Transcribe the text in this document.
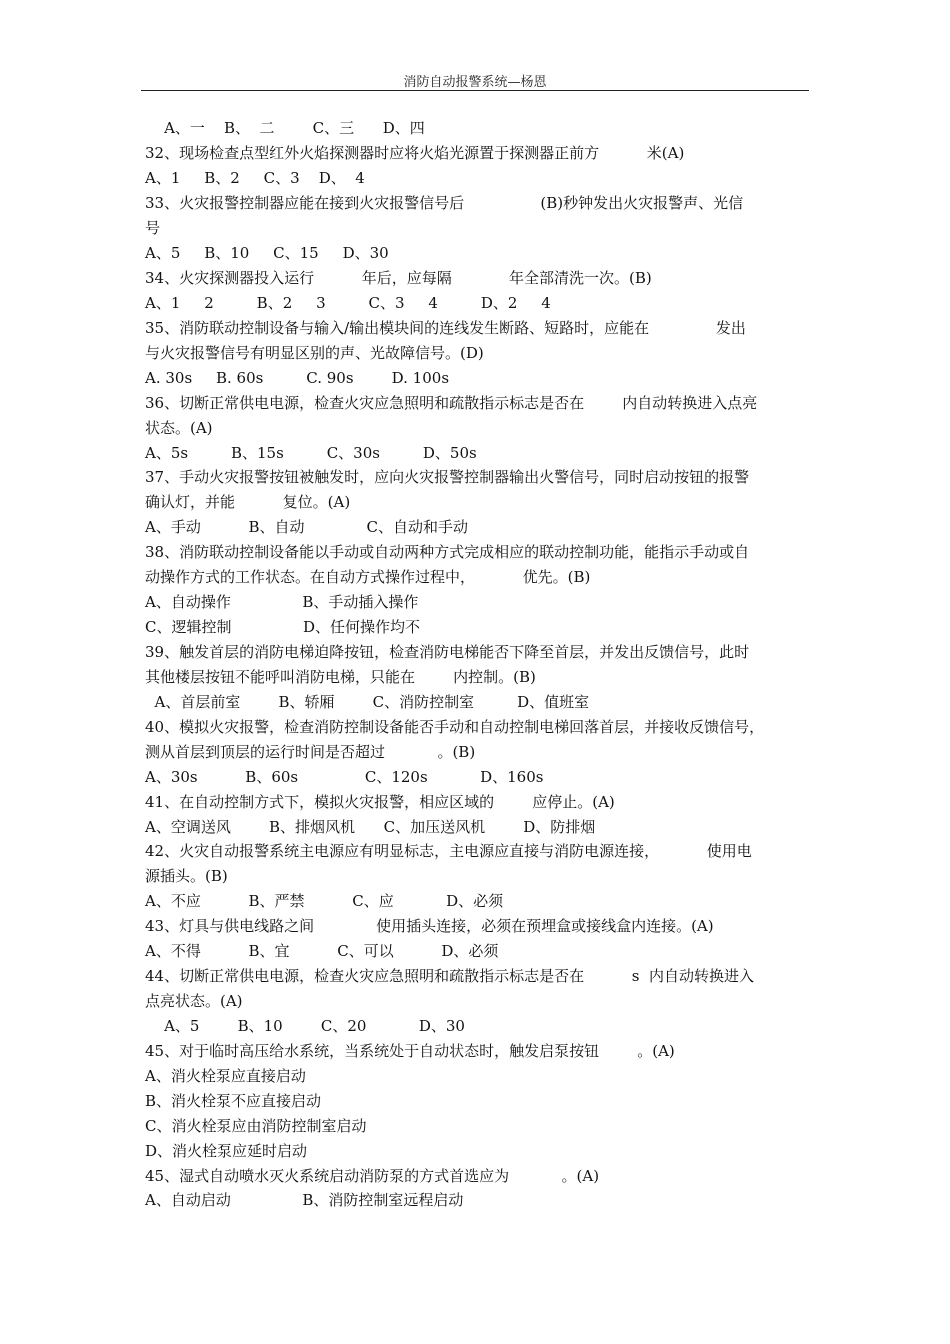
消防自动报警系统—杨恩
A、一    B、  二        C、三      D、四
32、现场检查点型红外火焰探测器时应将火焰光源置于探测器正前方          米(A)
A、1     B、2     C、3    D、  4
33、火灾报警控制器应能在接到火灾报警信号后                (B)秒钟发出火灾报警声、光信
号
A、5     B、10     C、15     D、30
34、火灾探测器投入运行          年后，应每隔            年全部清洗一次。(B)
A、1     2         B、2     3         C、3     4         D、2     4
35、消防联动控制设备与输入/输出模块间的连线发生断路、短路时，应能在              发出
与火灾报警信号有明显区别的声、光故障信号。(D)
A. 30s     B. 60s         C. 90s        D. 100s
36、切断正常供电电源，检查火灾应急照明和疏散指示标志是否在        内自动转换进入点亮
状态。(A)
A、5s         B、15s         C、30s         D、50s
37、手动火灾报警按钮被触发时，应向火灾报警控制器输出火警信号，同时启动按钮的报警
确认灯，并能          复位。(A)
A、手动          B、自动             C、自动和手动
38、消防联动控制设备能以手动或自动两种方式完成相应的联动控制功能，能指示手动或自
动操作方式的工作状态。在自动方式操作过程中，          优先。(B)
A、自动操作               B、手动插入操作
C、逻辑控制               D、任何操作均不
39、触发首层的消防电梯迫降按钮，检查消防电梯能否下降至首层，并发出反馈信号，此时
其他楼层按钮不能呼叫消防电梯，只能在        内控制。(B)
A、首层前室        B、轿厢        C、消防控制室         D、值班室
40、模拟火灾报警，检查消防控制设备能否手动和自动控制电梯回落首层，并接收反馈信号，
测从首层到顶层的运行时间是否超过           。(B)
A、30s          B、60s              C、120s           D、160s
41、在自动控制方式下，模拟火灾报警，相应区域的        应停止。(A)
A、空调送风        B、排烟风机      C、加压送风机        D、防排烟
42、火灾自动报警系统主电源应有明显标志，主电源应直接与消防电源连接，          使用电
源插头。(B)
A、不应          B、严禁          C、应           D、必须
43、灯具与供电线路之间             使用插头连接，必须在预埋盒或接线盒内连接。(A)
A、不得          B、宜          C、可以          D、必须
44、切断正常供电电源，检查火灾应急照明和疏散指示标志是否在          s  内自动转换进入
点亮状态。(A)
A、5        B、10        C、20           D、30
45、对于临时高压给水系统，当系统处于自动状态时，触发启泵按钮        。(A)
A、消火栓泵应直接启动
B、消火栓泵不应直接启动
C、消火栓泵应由消防控制室启动
D、消火栓泵应延时启动
45、湿式自动喷水灭火系统启动消防泵的方式首选应为           。(A)
A、自动启动               B、消防控制室远程启动
